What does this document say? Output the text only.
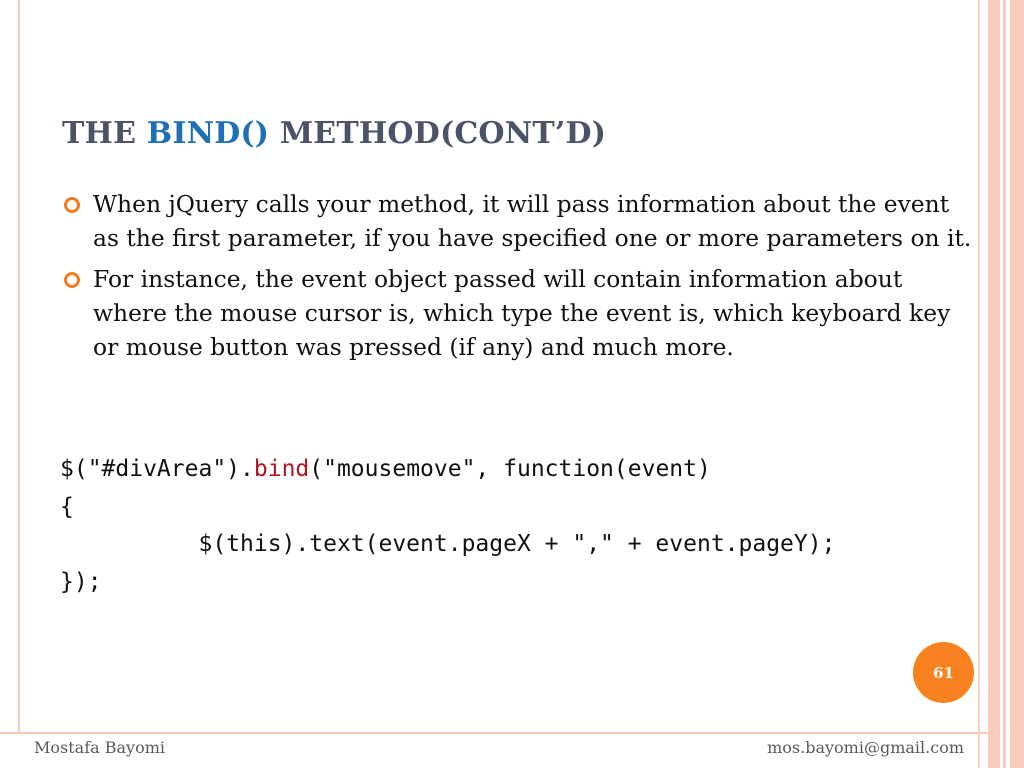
THE BIND() METHOD(CONT’D)
When jQuery calls your method, it will pass information about the event as the first parameter, if you have specified one or more parameters on it.
For instance, the event object passed will contain information about where the mouse cursor is, which type the event is, which keyboard key or mouse button was pressed (if any) and much more.
$("#divArea").bind("mousemove", function(event)
{
$(this).text(event.pageX + "," + event.pageY);
});
61
Mostafa Bayomi	mos.bayomi@gmail.com
